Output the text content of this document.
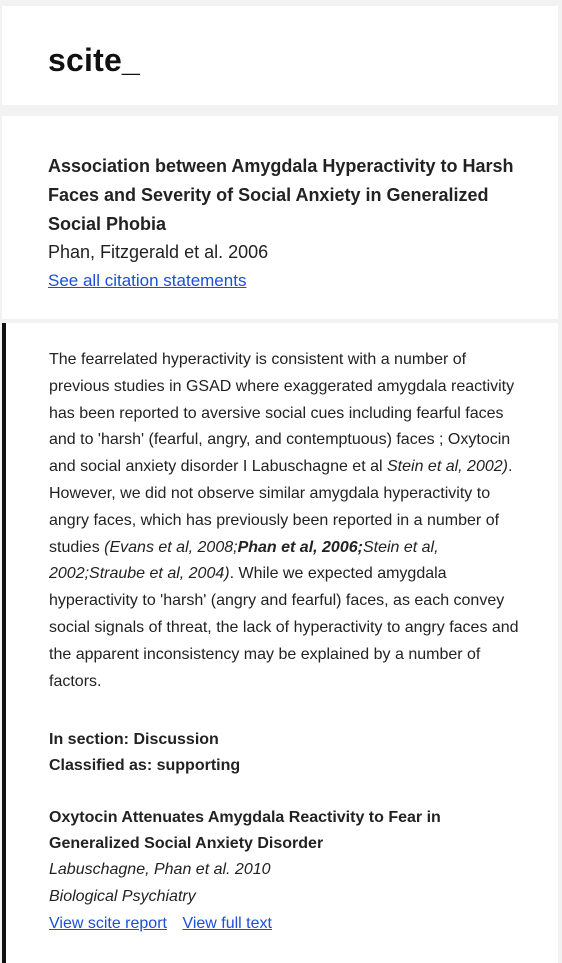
scite_
Association between Amygdala Hyperactivity to Harsh Faces and Severity of Social Anxiety in Generalized Social Phobia
Phan, Fitzgerald et al. 2006
See all citation statements
The fearrelated hyperactivity is consistent with a number of previous studies in GSAD where exaggerated amygdala reactivity has been reported to aversive social cues including fearful faces and to 'harsh' (fearful, angry, and contemptuous) faces ; Oxytocin and social anxiety disorder I Labuschagne et al Stein et al, 2002). However, we did not observe similar amygdala hyperactivity to angry faces, which has previously been reported in a number of studies (Evans et al, 2008;Phan et al, 2006;Stein et al, 2002;Straube et al, 2004). While we expected amygdala hyperactivity to 'harsh' (angry and fearful) faces, as each convey social signals of threat, the lack of hyperactivity to angry faces and the apparent inconsistency may be explained by a number of factors.
In section: Discussion
Classified as: supporting
Oxytocin Attenuates Amygdala Reactivity to Fear in Generalized Social Anxiety Disorder
Labuschagne, Phan et al. 2010
Biological Psychiatry
View scite report View full text
